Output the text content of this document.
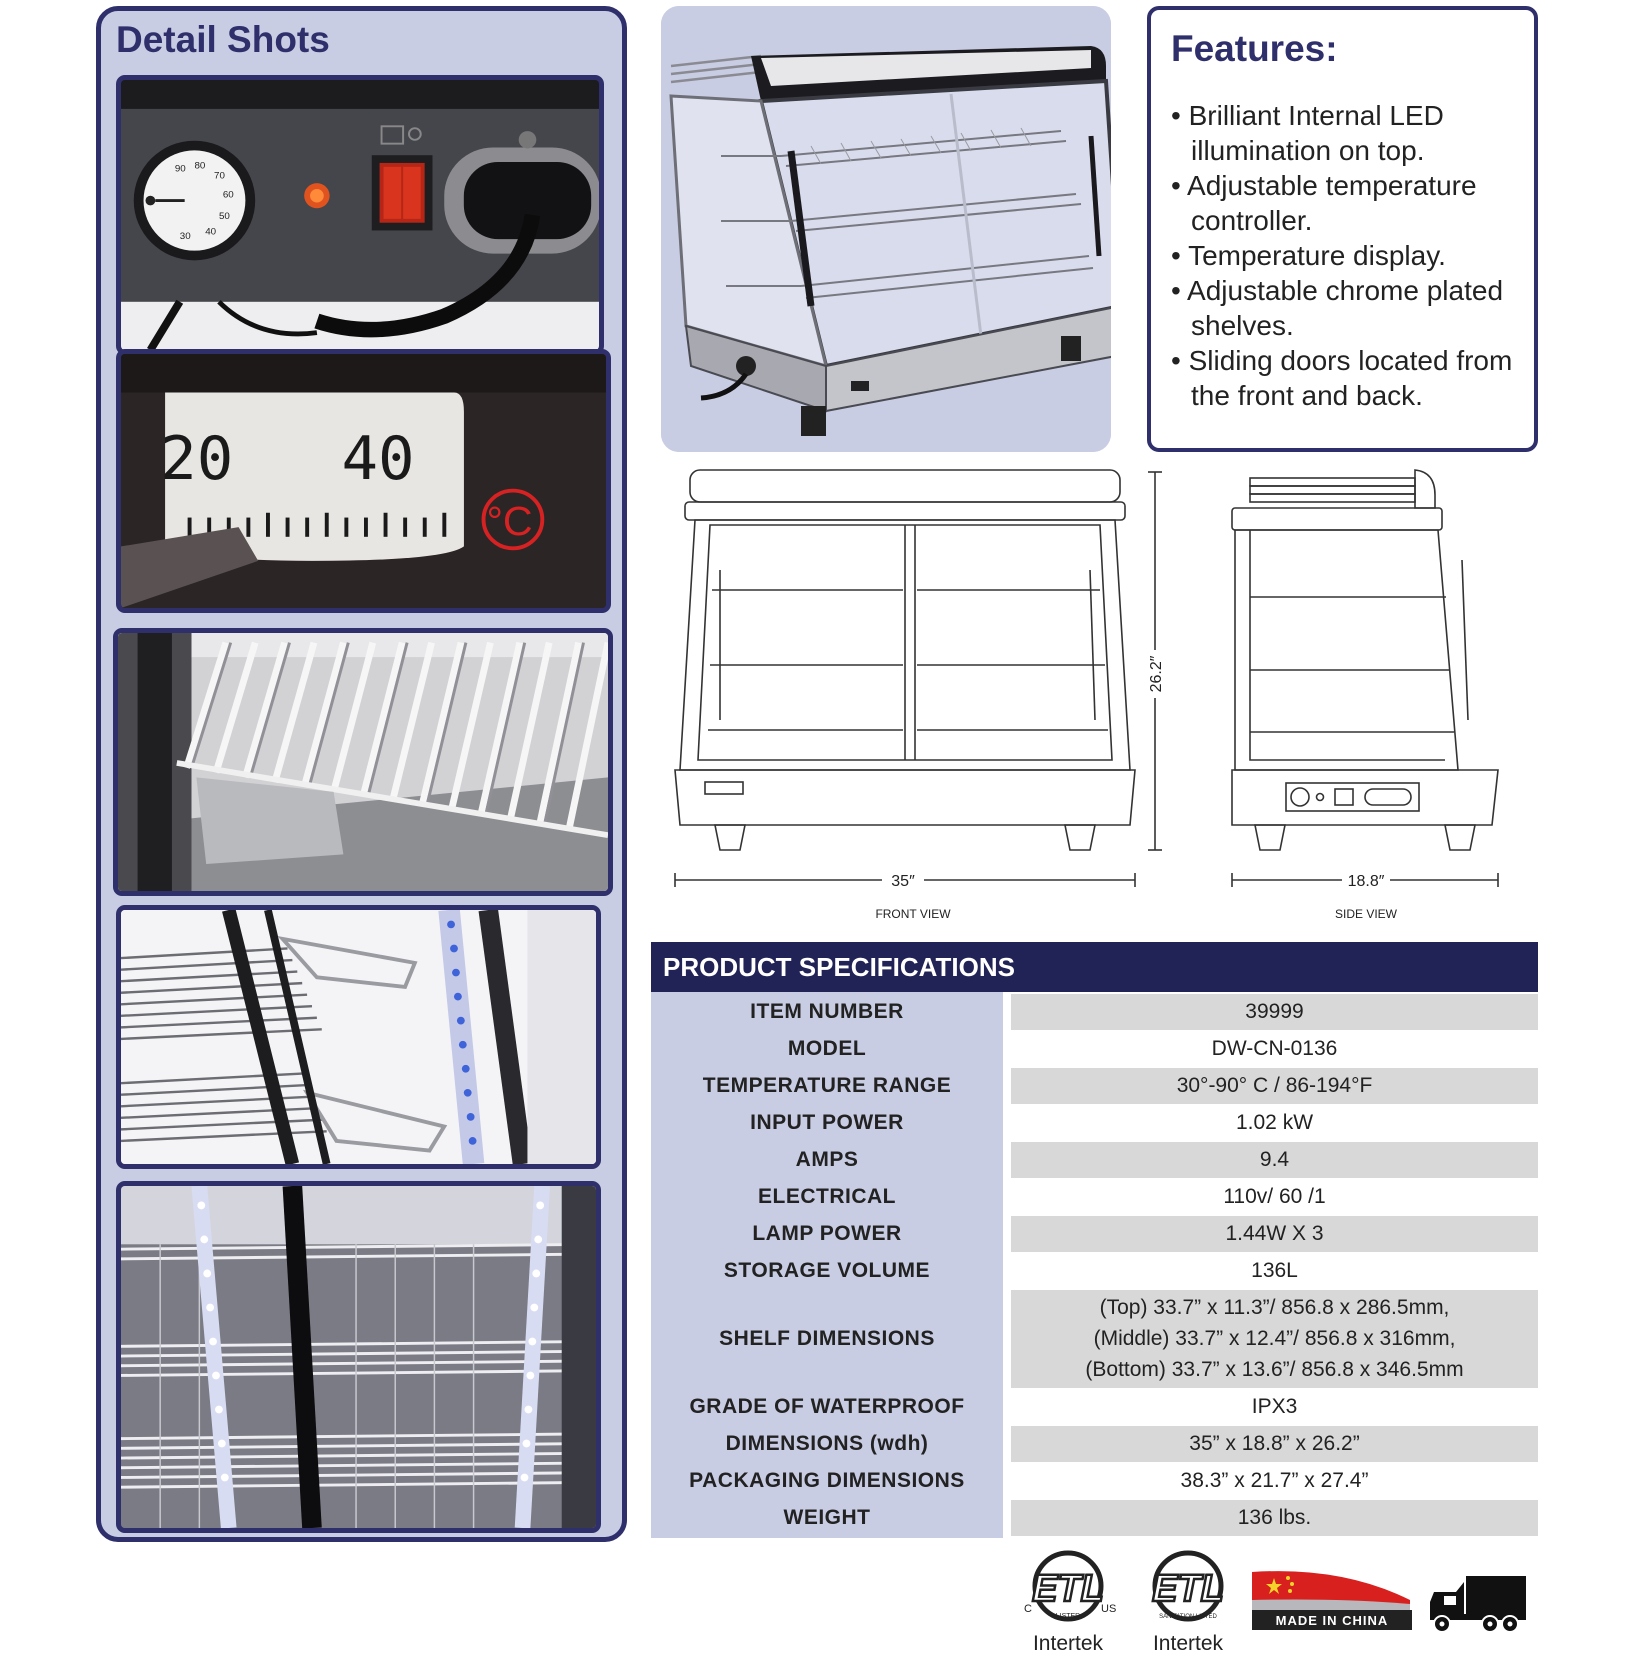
Detail Shots
90 80
70
60
50
40
30
20 40
°C
Features:
• Brilliant Internal LED illumination on top.
• Adjustable temperature controller.
• Temperature display.
• Adjustable chrome plated shelves.
• Sliding doors located from the front and back.
35″
26.2″
FRONT VIEW
18.8″
SIDE VIEW
PRODUCT SPECIFICATIONS
ITEM NUMBER	39999
MODEL	DW-CN-0136
TEMPERATURE RANGE	30°-90° C / 86-194°F
INPUT POWER	1.02 kW
AMPS	9.4
ELECTRICAL	110v/ 60 /1
LAMP POWER	1.44W X 3
STORAGE VOLUME	136L
SHELF DIMENSIONS
(Top) 33.7” x 11.3”/ 856.8 x 286.5mm,
(Middle) 33.7” x 12.4”/ 856.8 x 316mm,
(Bottom) 33.7” x 13.6”/ 856.8 x 346.5mm
GRADE OF WATERPROOF	IPX3
DIMENSIONS (wdh)	35” x 18.8” x 26.2”
PACKAGING DIMENSIONS	38.3” x 21.7” x 27.4”
WEIGHT	136 lbs.
ETL
LISTED
C	US
Intertek
ETL
SANITATION LISTED
Intertek
MADE IN CHINA
